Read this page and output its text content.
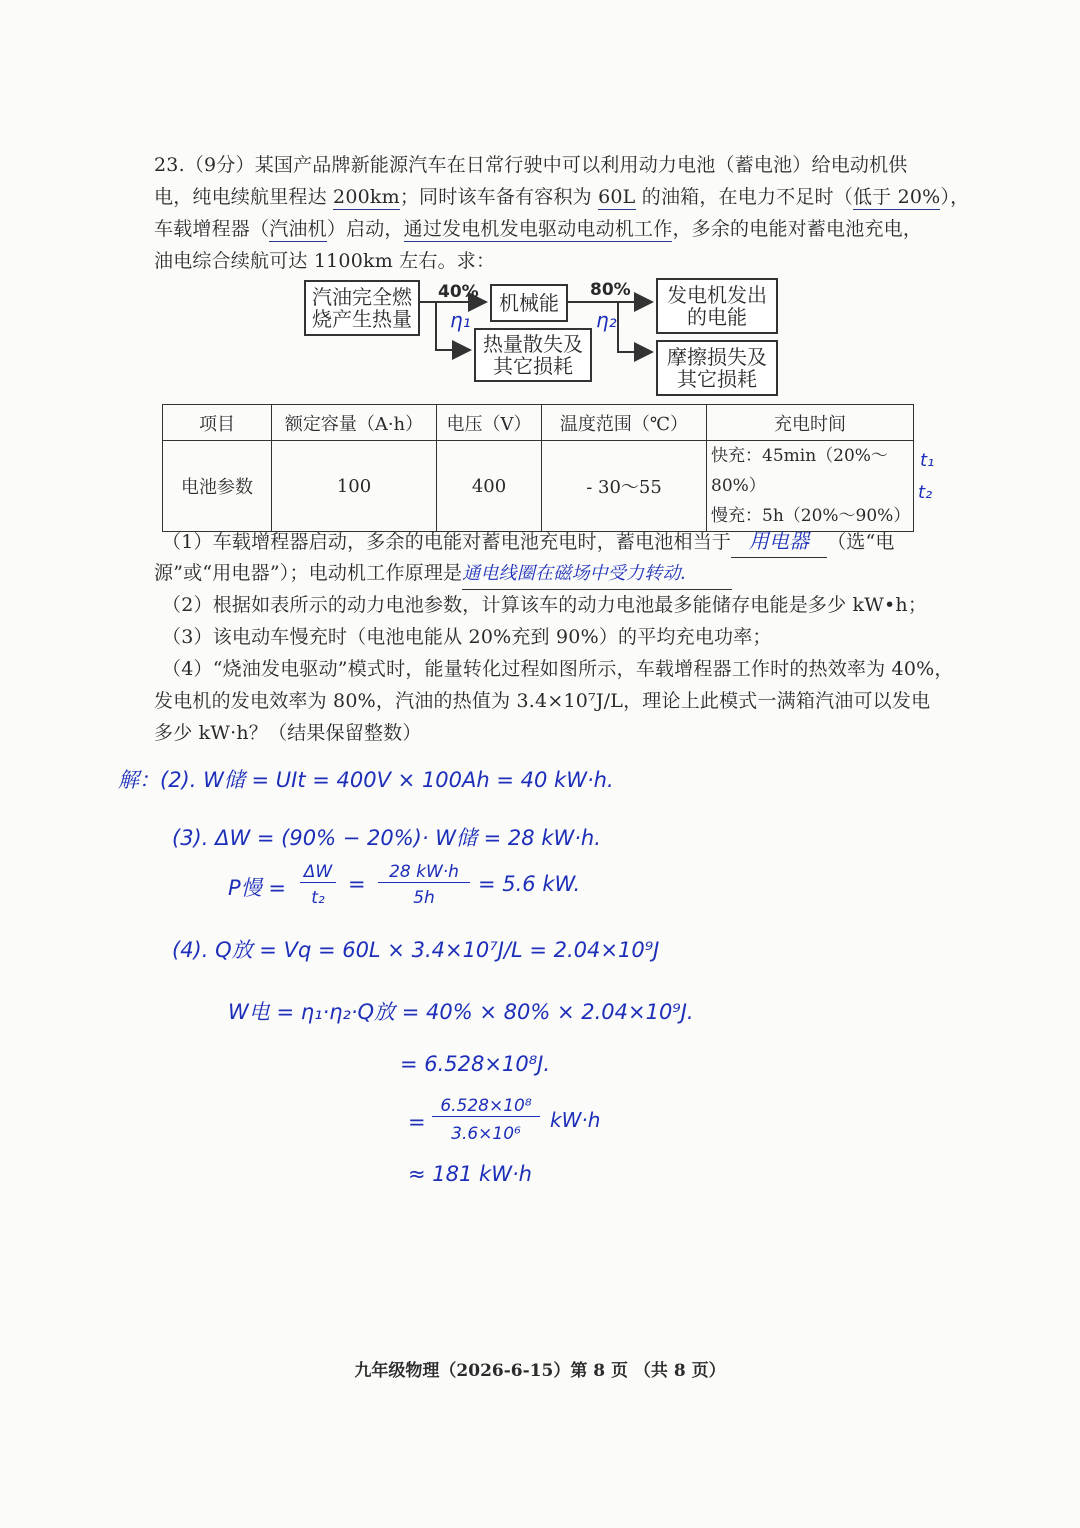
23.（9分）某国产品牌新能源汽车在日常行驶中可以利用动力电池（蓄电池）给电动机供
电，纯电续航里程达 200km；同时该车备有容积为 60L 的油箱，在电力不足时（低于 20%），
车载增程器（汽油机）启动，通过发电机发电驱动电动机工作，多余的电能对蓄电池充电，
油电综合续航可达 1100km 左右。求：
汽油完全燃烧产生热量
40%	机械能
80%	发电机发出的电能
热量散失及其它损耗	摩擦损失及其它损耗
η₁	η₂
项目	额定容量（A·h）	电压（V）	温度范围（℃）	充电时间
电池参数	100	400	- 30～55	快充：45min（20%～80%）
慢充：5h（20%～90%）
t₁
t₂
（1）车载增程器启动，多余的电能对蓄电池充电时，蓄电池相当于 用电器 （选“电
源”或“用电器”）；电动机工作原理是通电线圈在磁场中受力转动.
（2）根据如表所示的动力电池参数，计算该车的动力电池最多能储存电能是多少 kW•h；
（3）该电动车慢充时（电池电能从 20%充到 90%）的平均充电功率；
（4）“烧油发电驱动”模式时，能量转化过程如图所示，车载增程器工作时的热效率为 40%，
发电机的发电效率为 80%，汽油的热值为 3.4×10⁷J/L，理论上此模式一满箱汽油可以发电
多少 kW·h？（结果保留整数）
解：(2). W储 = UIt = 400V × 100Ah = 40 kW·h.
(3). ΔW = (90% − 20%)· W储 = 28 kW·h.
P慢 =
ΔW
t₂
=	28 kW·h
5h
= 5.6 kW.
(4). Q放 = Vq = 60L × 3.4×10⁷J/L = 2.04×10⁹J
W电 = η₁·η₂·Q放 = 40% × 80% × 2.04×10⁹J.
= 6.528×10⁸J.
=
6.528×10⁸
3.6×10⁶
kW·h
≈ 181 kW·h
九年级物理（2026-6-15）第 8 页 （共 8 页）
